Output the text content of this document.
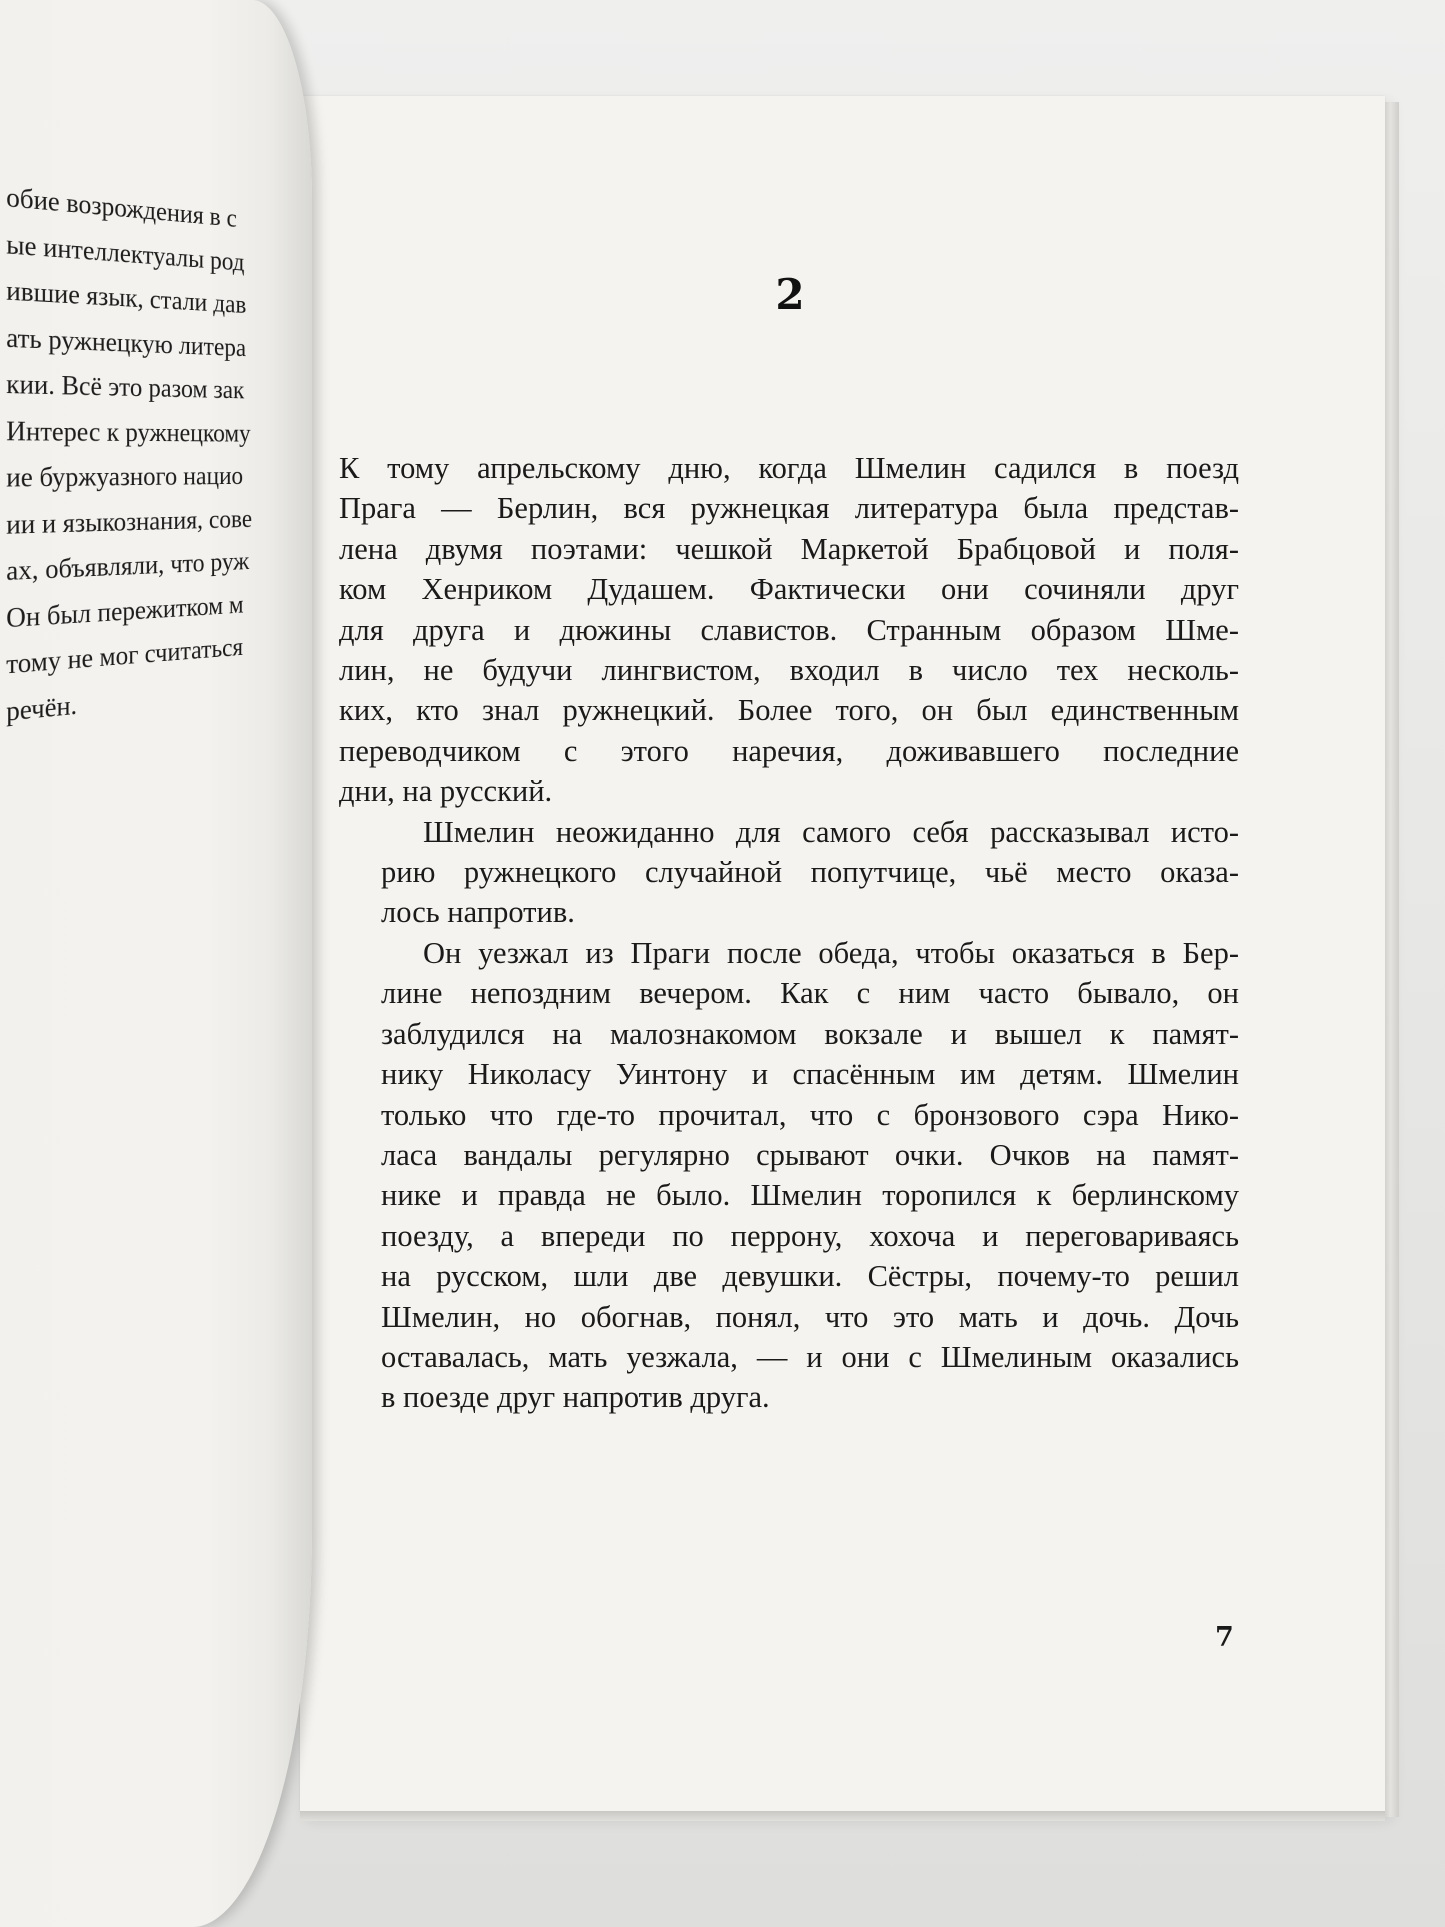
обие возрождения в с
ые интеллектуалы род
ившие язык, стали дав
ать ружнецкую литера
кии. Всё это разом зак
Интерес к ружнецкому
ие буржуазного нацио
ии и языкознания, сове
ах, объявляли, что руж
Он был пережитком м
тому не мог считаться
речён.
2

К тому апрельскому дню, когда Шмелин садился в поезд
Прага — Берлин, вся ружнецкая литература была представ-
лена двумя поэтами: чешкой Маркетой Брабцовой и поля-
ком Хенриком Дудашем. Фактически они сочиняли друг
для друга и дюжины славистов. Странным образом Шме-
лин, не будучи лингвистом, входил в число тех несколь-
ких, кто знал ружнецкий. Более того, он был единственным
переводчиком с этого наречия, доживавшего последние
дни, на русский.

Шмелин неожиданно для самого себя рассказывал исто-
рию ружнецкого случайной попутчице, чьё место оказа-
лось напротив.

Он уезжал из Праги после обеда, чтобы оказаться в Бер-
лине непоздним вечером. Как с ним часто бывало, он
заблудился на малознакомом вокзале и вышел к памят-
нику Николасу Уинтону и спасённым им детям. Шмелин
только что где-то прочитал, что с бронзового сэра Нико-
ласа вандалы регулярно срывают очки. Очков на памят-
нике и правда не было. Шмелин торопился к берлинскому
поезду, а впереди по перрону, хохоча и переговариваясь
на русском, шли две девушки. Сёстры, почему-то решил
Шмелин, но обогнав, понял, что это мать и дочь. Дочь
оставалась, мать уезжала, — и они с Шмелиным оказались
в поезде друг напротив друга.

7
